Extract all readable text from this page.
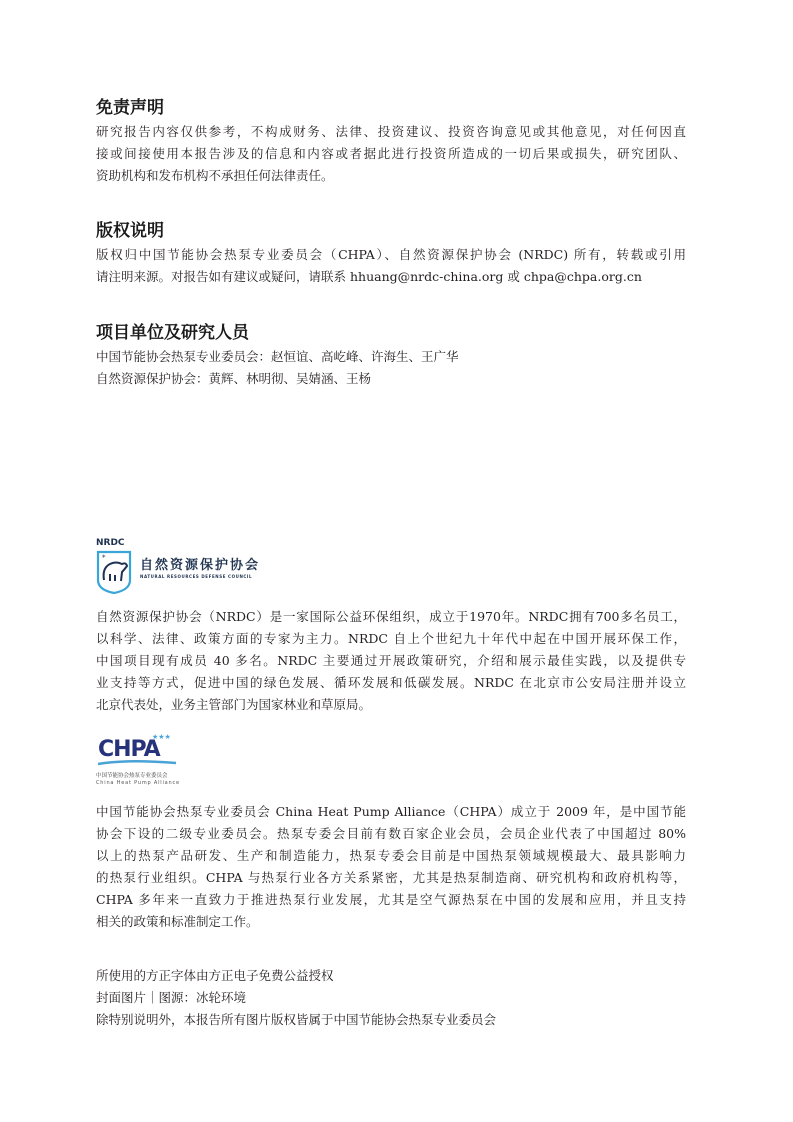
免责声明
研究报告内容仅供参考，不构成财务、法律、投资建议、投资咨询意见或其他意见，对任何因直
接或间接使用本报告涉及的信息和内容或者据此进行投资所造成的一切后果或损失，研究团队、
资助机构和发布机构不承担任何法律责任。
版权说明
版权归中国节能协会热泵专业委员会（CHPA）、自然资源保护协会 (NRDC) 所有，转载或引用
请注明来源。对报告如有建议或疑问，请联系 hhuang@nrdc-china.org 或 chpa@chpa.org.cn
项目单位及研究人员
中国节能协会热泵专业委员会：赵恒谊、高屹峰、许海生、王广华
自然资源保护协会：黄辉、林明彻、吴婧涵、王杨
NRDC
*	自然资源保护协会
NATURAL RESOURCES DEFENSE COUNCIL
自然资源保护协会（NRDC）是一家国际公益环保组织，成立于1970年。NRDC拥有700多名员工，
以科学、法律、政策方面的专家为主力。NRDC 自上个世纪九十年代中起在中国开展环保工作，
中国项目现有成员 40 多名。NRDC 主要通过开展政策研究，介绍和展示最佳实践，以及提供专
业支持等方式，促进中国的绿色发展、循环发展和低碳发展。NRDC 在北京市公安局注册并设立
北京代表处，业务主管部门为国家林业和草原局。
CHPA
★★★
中国节能协会热泵专业委员会
China Heat Pump Alliance
中国节能协会热泵专业委员会 China Heat Pump Alliance（CHPA）成立于 2009 年，是中国节能
协会下设的二级专业委员会。热泵专委会目前有数百家企业会员，会员企业代表了中国超过 80%
以上的热泵产品研发、生产和制造能力，热泵专委会目前是中国热泵领域规模最大、最具影响力
的热泵行业组织。CHPA 与热泵行业各方关系紧密，尤其是热泵制造商、研究机构和政府机构等，
CHPA 多年来一直致力于推进热泵行业发展，尤其是空气源热泵在中国的发展和应用，并且支持
相关的政策和标准制定工作。
所使用的方正字体由方正电子免费公益授权
封面图片｜图源：冰轮环境
除特别说明外，本报告所有图片版权皆属于中国节能协会热泵专业委员会
